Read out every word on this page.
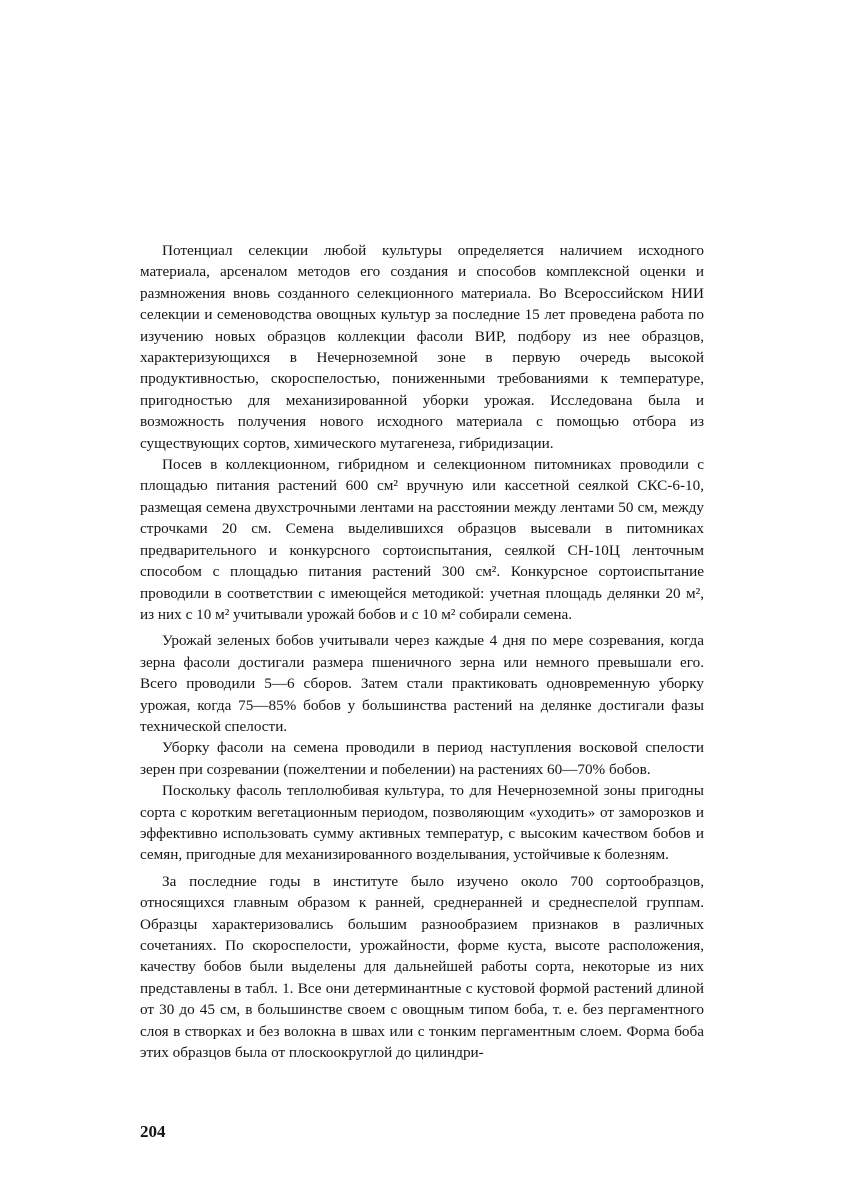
Потенциал селекции любой культуры определяется наличием исходного материала, арсеналом методов его создания и способов комплексной оценки и размножения вновь созданного селекционного материала. Во Всероссийском НИИ селекции и семеноводства овощных культур за последние 15 лет проведена работа по изучению новых образцов коллекции фасоли ВИР, подбору из нее образцов, характеризующихся в Нечерноземной зоне в первую очередь высокой продуктивностью, скороспелостью, пониженными требованиями к температуре, пригодностью для механизированной уборки урожая. Исследована была и возможность получения нового исходного материала с помощью отбора из существующих сортов, химического мутагенеза, гибридизации.

Посев в коллекционном, гибридном и селекционном питомниках проводили с площадью питания растений 600 см² вручную или кассетной сеялкой СКС-6-10, размещая семена двухстрочными лентами на расстоянии между лентами 50 см, между строчками 20 см. Семена выделившихся образцов высевали в питомниках предварительного и конкурсного сортоиспытания, сеялкой СН-10Ц ленточным способом с площадью питания растений 300 см². Конкурсное сортоиспытание проводили в соответствии с имеющейся методикой: учетная площадь делянки 20 м², из них с 10 м² учитывали урожай бобов и с 10 м² собирали семена.

Урожай зеленых бобов учитывали через каждые 4 дня по мере созревания, когда зерна фасоли достигали размера пшеничного зерна или немного превышали его. Всего проводили 5—6 сборов. Затем стали практиковать одновременную уборку урожая, когда 75—85% бобов у большинства растений на делянке достигали фазы технической спелости.

Уборку фасоли на семена проводили в период наступления восковой спелости зерен при созревании (пожелтении и побелении) на растениях 60—70% бобов.

Поскольку фасоль теплолюбивая культура, то для Нечерноземной зоны пригодны сорта с коротким вегетационным периодом, позволяющим «уходить» от заморозков и эффективно использовать сумму активных температур, с высоким качеством бобов и семян, пригодные для механизированного возделывания, устойчивые к болезням.

За последние годы в институте было изучено около 700 сортообразцов, относящихся главным образом к ранней, среднеранней и среднеспелой группам. Образцы характеризовались большим разнообразием признаков в различных сочетаниях. По скороспелости, урожайности, форме куста, высоте расположения, качеству бобов были выделены для дальнейшей работы сорта, некоторые из них представлены в табл. 1. Все они детерминантные с кустовой формой растений длиной от 30 до 45 см, в большинстве своем с овощным типом боба, т. е. без пергаментного слоя в створках и без волокна в швах или с тонким пергаментным слоем. Форма боба этих образцов была от плоскоокруглой до цилиндри-

204
